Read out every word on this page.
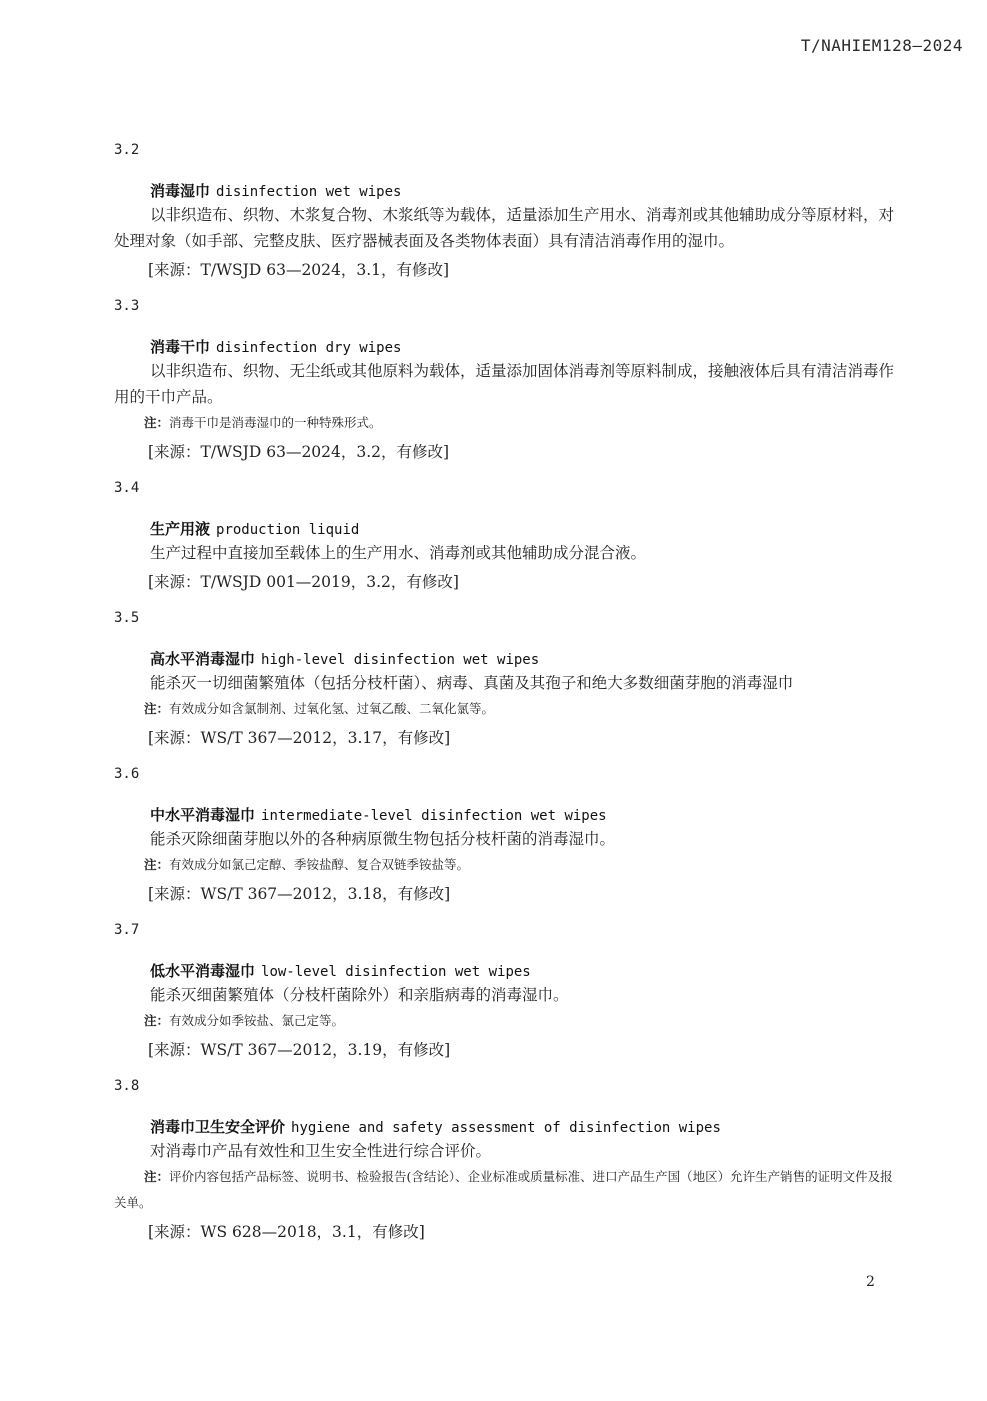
T/NAHIEM128—2024
3.2
消毒湿巾 disinfection wet wipes
以非织造布、织物、木浆复合物、木浆纸等为载体，适量添加生产用水、消毒剂或其他辅助成分等原材料，对处理对象（如手部、完整皮肤、医疗器械表面及各类物体表面）具有清洁消毒作用的湿巾。
[来源：T/WSJD 63—2024，3.1，有修改]
3.3
消毒干巾 disinfection dry wipes
以非织造布、织物、无尘纸或其他原料为载体，适量添加固体消毒剂等原料制成，接触液体后具有清洁消毒作用的干巾产品。
注：消毒干巾是消毒湿巾的一种特殊形式。
[来源：T/WSJD 63—2024，3.2，有修改]
3.4
生产用液 production liquid
生产过程中直接加至载体上的生产用水、消毒剂或其他辅助成分混合液。
[来源：T/WSJD 001—2019，3.2，有修改]
3.5
高水平消毒湿巾 high-level disinfection wet wipes
能杀灭一切细菌繁殖体（包括分枝杆菌）、病毒、真菌及其孢子和绝大多数细菌芽胞的消毒湿巾
注：有效成分如含氯制剂、过氧化氢、过氧乙酸、二氧化氯等。
[来源：WS/T 367—2012，3.17，有修改]
3.6
中水平消毒湿巾 intermediate-level disinfection wet wipes
能杀灭除细菌芽胞以外的各种病原微生物包括分枝杆菌的消毒湿巾。
注：有效成分如氯己定醇、季铵盐醇、复合双链季铵盐等。
[来源：WS/T 367—2012，3.18，有修改]
3.7
低水平消毒湿巾 low-level disinfection wet wipes
能杀灭细菌繁殖体（分枝杆菌除外）和亲脂病毒的消毒湿巾。
注：有效成分如季铵盐、氯己定等。
[来源：WS/T 367—2012，3.19，有修改]
3.8
消毒巾卫生安全评价 hygiene and safety assessment of disinfection wipes
对消毒巾产品有效性和卫生安全性进行综合评价。
注：评价内容包括产品标签、说明书、检验报告(含结论）、企业标准或质量标准、进口产品生产国（地区）允许生产销售的证明文件及报关单。
[来源：WS 628—2018，3.1，有修改]
2
